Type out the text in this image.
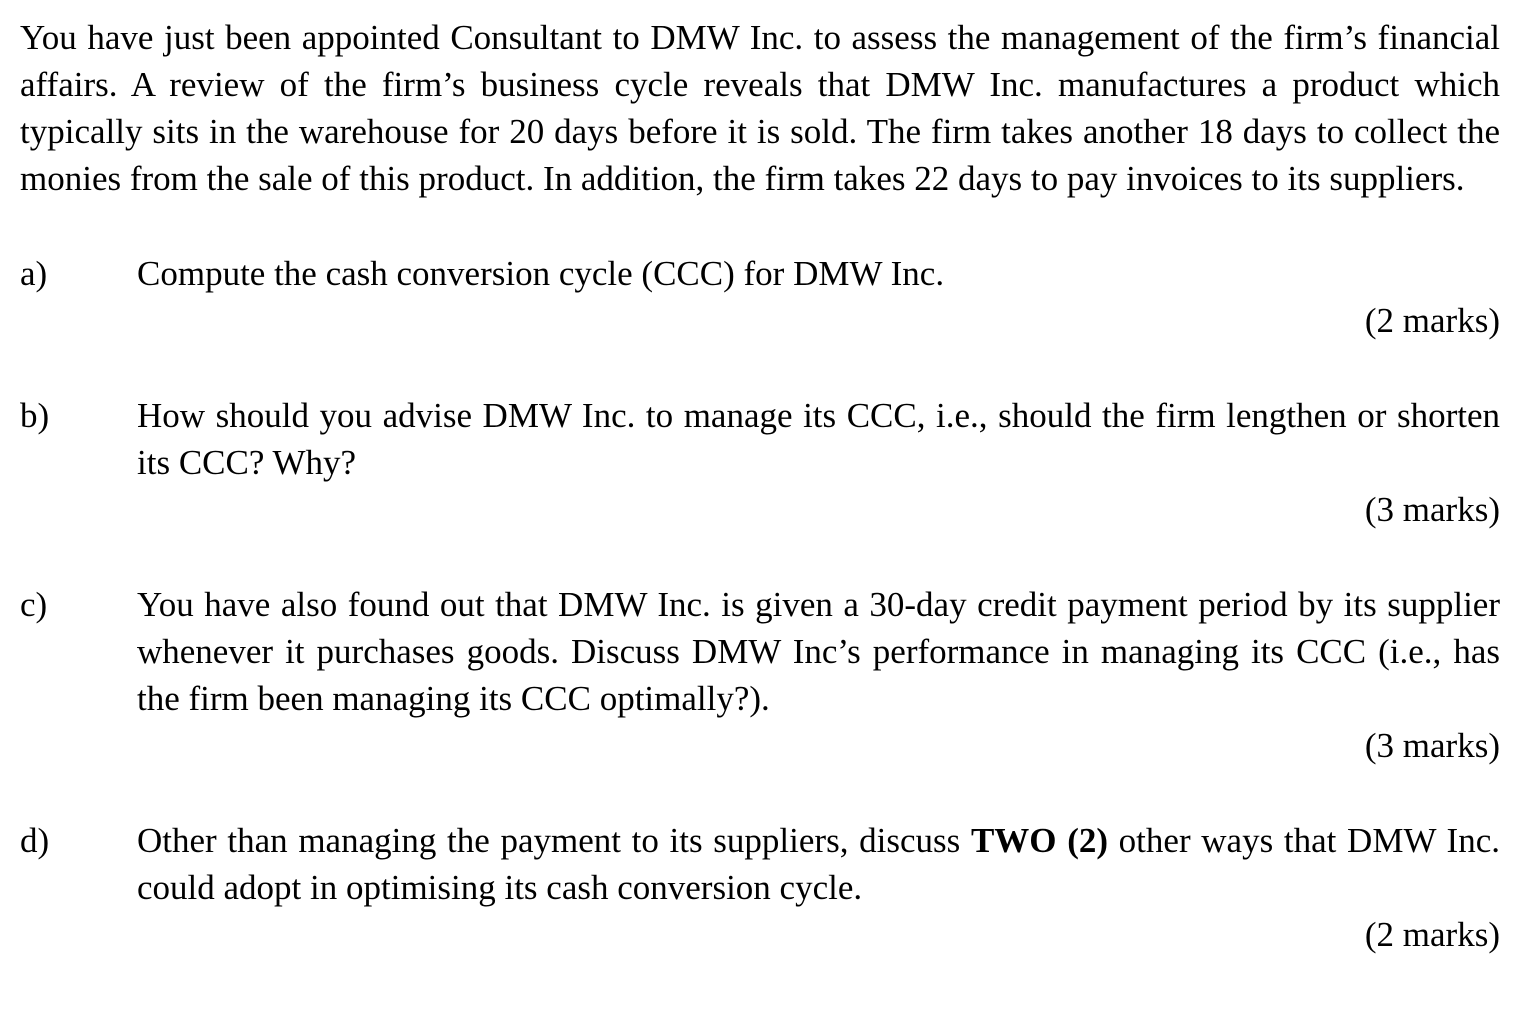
You have just been appointed Consultant to DMW Inc. to assess the management of the firm’s financial affairs. A review of the firm’s business cycle reveals that DMW Inc. manufactures a product which typically sits in the warehouse for 20 days before it is sold. The firm takes another 18 days to collect the monies from the sale of this product. In addition, the firm takes 22 days to pay invoices to its suppliers.

a)	Compute the cash conversion cycle (CCC) for DMW Inc.

(2 marks)
b)	How should you advise DMW Inc. to manage its CCC, i.e., should the firm lengthen or shorten its CCC? Why?

(3 marks)
c)	You have also found out that DMW Inc. is given a 30-day credit payment period by its supplier whenever it purchases goods. Discuss DMW Inc’s performance in managing its CCC (i.e., has the firm been managing its CCC optimally?).

(3 marks)
d)	Other than managing the payment to its suppliers, discuss TWO (2) other ways that DMW Inc. could adopt in optimising its cash conversion cycle.

(2 marks)
